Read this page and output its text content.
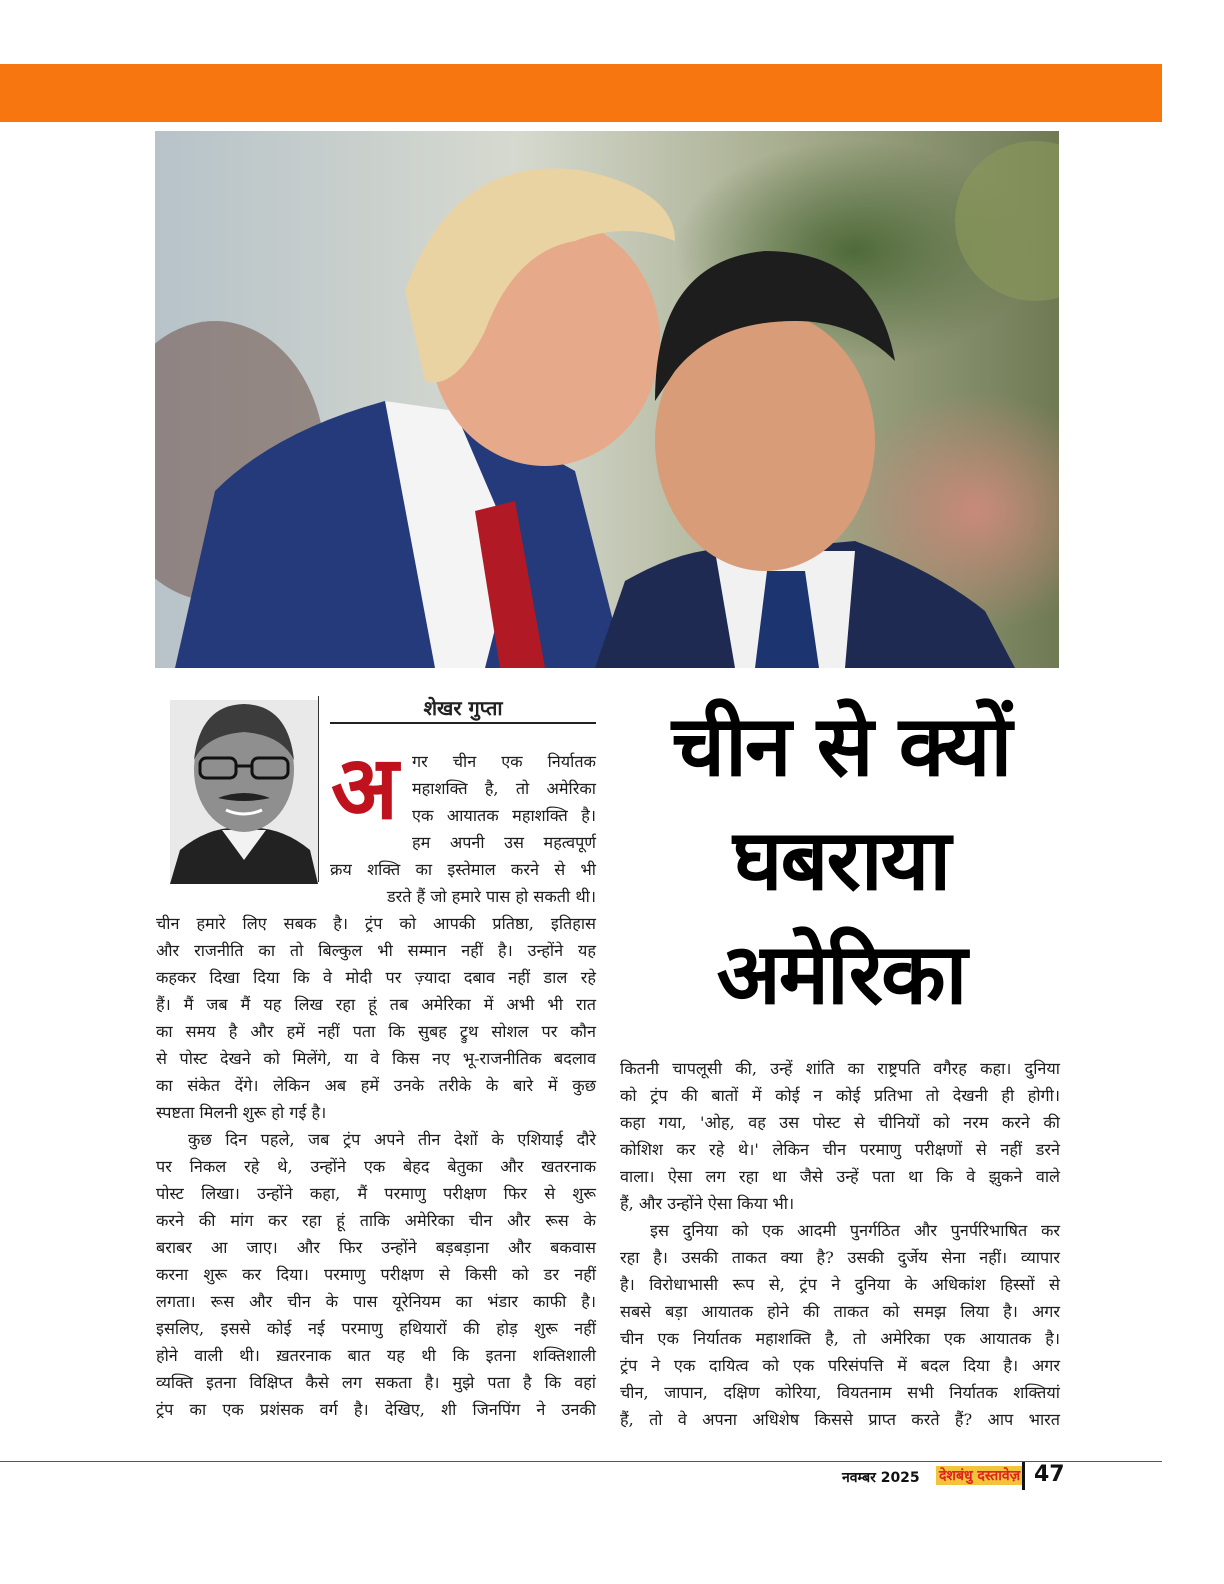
शेखर गुप्ता
अ गर चीन एक निर्यातक
महाशक्ति है, तो अमेरिका
एक आयातक महाशक्ति है।
हम अपनी उस महत्वपूर्ण
क्रय शक्ति का इस्तेमाल करने से भी
डरते हैं जो हमारे पास हो सकती थी।
चीन हमारे लिए सबक है। ट्रंप को आपकी प्रतिष्ठा, इतिहास
और राजनीति का तो बिल्कुल भी सम्मान नहीं है। उन्होंने यह
कहकर दिखा दिया कि वे मोदी पर ज़्यादा दबाव नहीं डाल रहे
हैं। मैं जब मैं यह लिख रहा हूं तब अमेरिका में अभी भी रात
का समय है और हमें नहीं पता कि सुबह ट्रुथ सोशल पर कौन
से पोस्ट देखने को मिलेंगे, या वे किस नए भू-राजनीतिक बदलाव
का संकेत देंगे। लेकिन अब हमें उनके तरीके के बारे में कुछ
स्पष्टता मिलनी शुरू हो गई है।
कुछ दिन पहले, जब ट्रंप अपने तीन देशों के एशियाई दौरे
पर निकल रहे थे, उन्होंने एक बेहद बेतुका और खतरनाक
पोस्ट लिखा। उन्होंने कहा, मैं परमाणु परीक्षण फिर से शुरू
करने की मांग कर रहा हूं ताकि अमेरिका चीन और रूस के
बराबर आ जाए। और फिर उन्होंने बड़बड़ाना और बकवास
करना शुरू कर दिया। परमाणु परीक्षण से किसी को डर नहीं
लगता। रूस और चीन के पास यूरेनियम का भंडार काफी है।
इसलिए, इससे कोई नई परमाणु हथियारों की होड़ शुरू नहीं
होने वाली थी। ख़तरनाक बात यह थी कि इतना शक्तिशाली
व्यक्ति इतना विक्षिप्त कैसे लग सकता है। मुझे पता है कि वहां
ट्रंप का एक प्रशंसक वर्ग है। देखिए, शी जिनपिंग ने उनकी
चीन से क्यों
घबराया
अमेरिका
कितनी चापलूसी की, उन्हें शांति का राष्ट्रपति वगैरह कहा। दुनिया
को ट्रंप की बातों में कोई न कोई प्रतिभा तो देखनी ही होगी।
कहा गया, 'ओह, वह उस पोस्ट से चीनियों को नरम करने की
कोशिश कर रहे थे।' लेकिन चीन परमाणु परीक्षणों से नहीं डरने
वाला। ऐसा लग रहा था जैसे उन्हें पता था कि वे झुकने वाले
हैं, और उन्होंने ऐसा किया भी।
इस दुनिया को एक आदमी पुनर्गठित और पुनर्परिभाषित कर
रहा है। उसकी ताकत क्या है? उसकी दुर्जेय सेना नहीं। व्यापार
है। विरोधाभासी रूप से, ट्रंप ने दुनिया के अधिकांश हिस्सों से
सबसे बड़ा आयातक होने की ताकत को समझ लिया है। अगर
चीन एक निर्यातक महाशक्ति है, तो अमेरिका एक आयातक है।
ट्रंप ने एक दायित्व को एक परिसंपत्ति में बदल दिया है। अगर
चीन, जापान, दक्षिण कोरिया, वियतनाम सभी निर्यातक शक्तियां
हैं, तो वे अपना अधिशेष किससे प्राप्त करते हैं? आप भारत
नवम्बर 2025 देशबंधु दस्तावेज़ 47
